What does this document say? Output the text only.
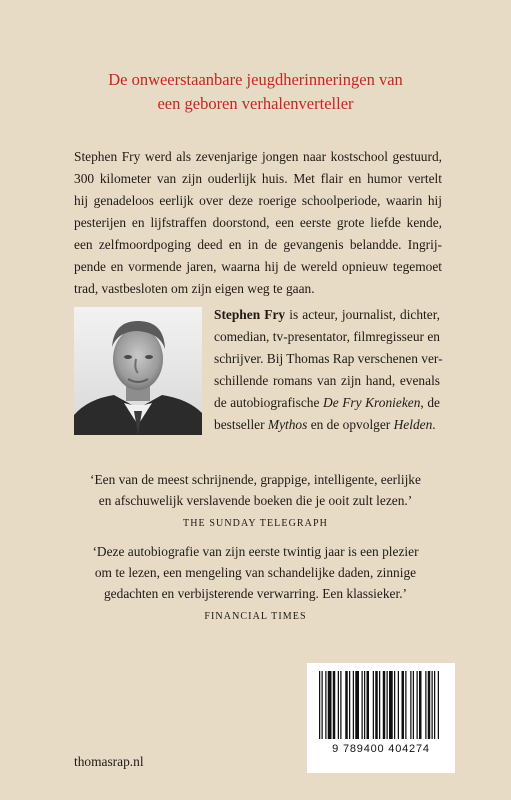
De onweerstaanbare jeugdherinneringen van
een geboren verhalenverteller
Stephen Fry werd als zevenjarige jongen naar kostschool gestuurd,
300 kilometer van zijn ouderlijk huis. Met flair en humor vertelt
hij genadeloos eerlijk over deze roerige schoolperiode, waarin hij
pesterijen en lijfstraffen doorstond, een eerste grote liefde kende,
een zelfmoordpoging deed en in de gevangenis belandde. Ingrij-
pende en vormende jaren, waarna hij de wereld opnieuw tegemoet
trad, vastbesloten om zijn eigen weg te gaan.
Stephen Fry is acteur, journalist, dichter,
comedian, tv-presentator, filmregisseur en
schrijver. Bij Thomas Rap verschenen ver-
schillende romans van zijn hand, evenals
de autobiografische De Fry Kronieken, de
bestseller Mythos en de opvolger Helden.
‘Een van de meest schrijnende, grappige, intelligente, eerlijke
en afschuwelijk verslavende boeken die je ooit zult lezen.’
THE SUNDAY TELEGRAPH
‘Deze autobiografie van zijn eerste twintig jaar is een plezier
om te lezen, een mengeling van schandelijke daden, zinnige
gedachten en verbijsterende verwarring. Een klassieker.’
FINANCIAL TIMES
thomasrap.nl
9 789400 404274
